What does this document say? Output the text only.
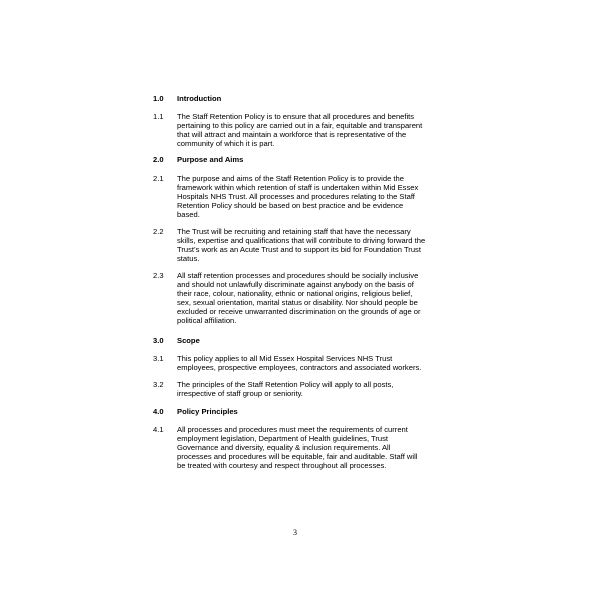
1.0	Introduction
1.1	The Staff Retention Policy is to ensure that all procedures and benefits
pertaining to this policy are carried out in a fair, equitable and transparent
that will attract and maintain a workforce that is representative of the
community of which it is part.
2.0	Purpose and Aims
2.1	The purpose and aims of the Staff Retention Policy is to provide the
framework within which retention of staff is undertaken within Mid Essex
Hospitals NHS Trust. All processes and procedures relating to the Staff
Retention Policy should be based on best practice and be evidence
based.
2.2	The Trust will be recruiting and retaining staff that have the necessary
skills, expertise and qualifications that will contribute to driving forward the
Trust’s work as an Acute Trust and to support its bid for Foundation Trust
status.
2.3	All staff retention processes and procedures should be socially inclusive
and should not unlawfully discriminate against anybody on the basis of
their race, colour, nationality, ethnic or national origins, religious belief,
sex, sexual orientation, marital status or disability. Nor should people be
excluded or receive unwarranted discrimination on the grounds of age or
political affiliation.
3.0	Scope
3.1	This policy applies to all Mid Essex Hospital Services NHS Trust
employees, prospective employees, contractors and associated workers.
3.2	The principles of the Staff Retention Policy will apply to all posts,
irrespective of staff group or seniority.
4.0	Policy Principles
4.1	All processes and procedures must meet the requirements of current
employment legislation, Department of Health guidelines, Trust
Governance and diversity, equality & inclusion requirements. All
processes and procedures will be equitable, fair and auditable. Staff will
be treated with courtesy and respect throughout all processes.
3
